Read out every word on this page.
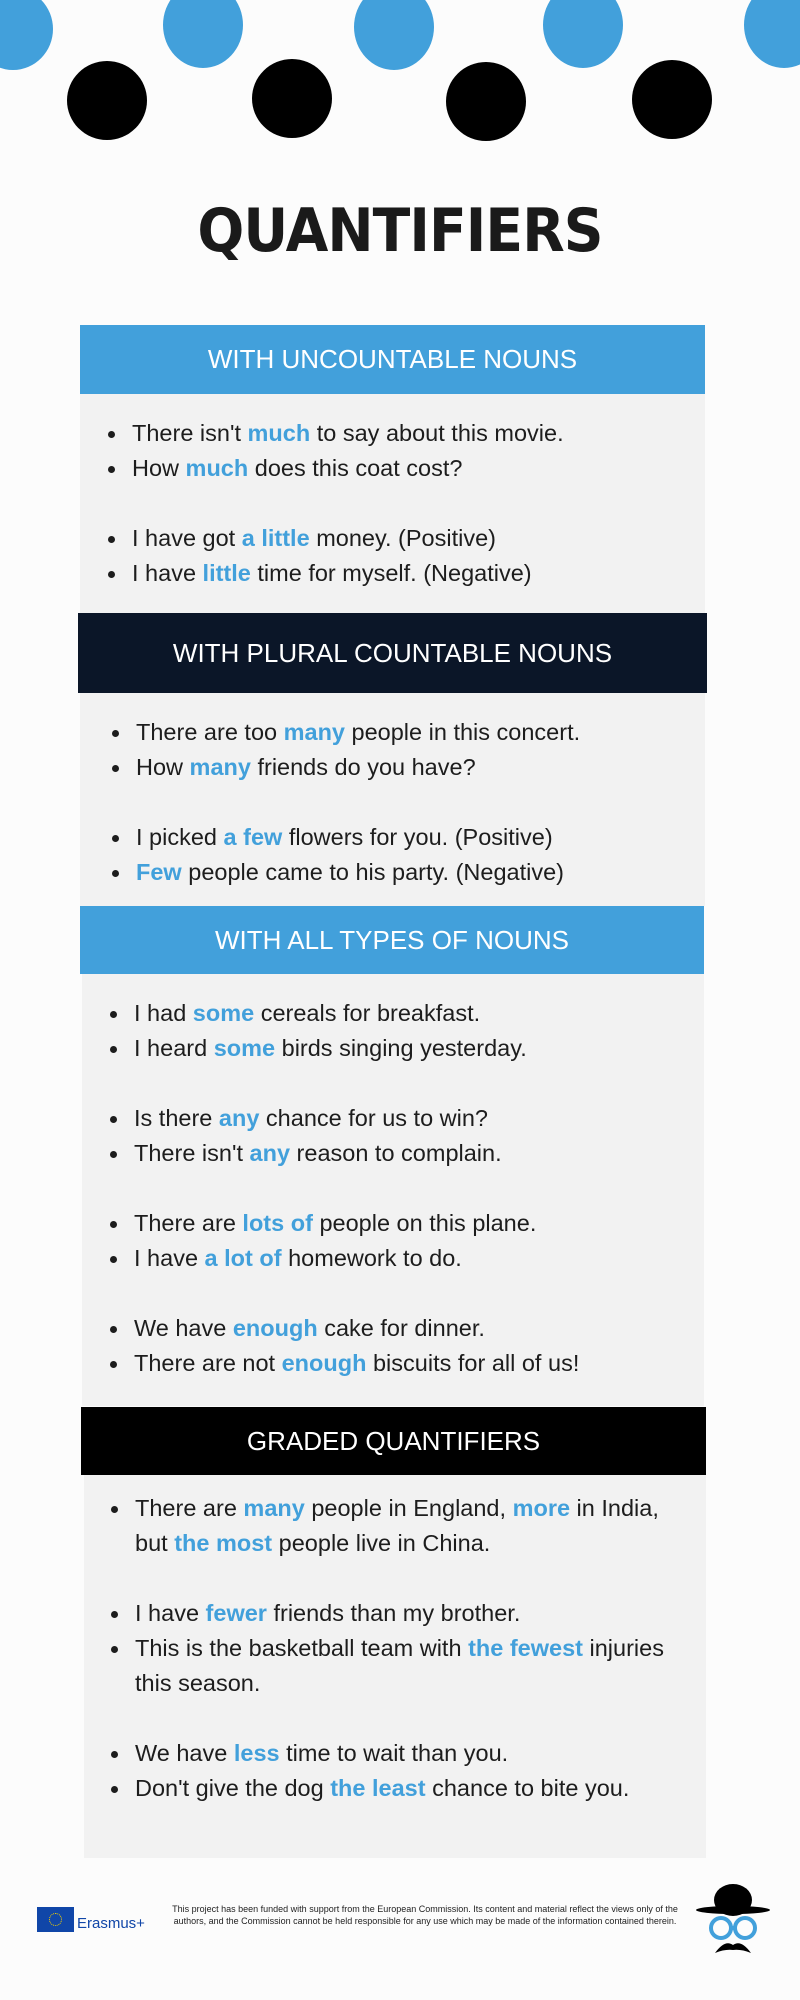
QUANTIFIERS
WITH UNCOUNTABLE NOUNS
There isn't much to say about this movie.
How much does this coat cost?
I have got a little money. (Positive)
I have little time for myself. (Negative)
WITH PLURAL COUNTABLE NOUNS
There are too many people in this concert.
How many friends do you have?
I picked a few flowers for you. (Positive)
Few people came to his party. (Negative)
WITH ALL TYPES OF NOUNS
I had some cereals for breakfast.
I heard some birds singing yesterday.
Is there any chance for us to win?
There isn't any reason to complain.
There are lots of people on this plane.
I have a lot of homework to do.
We have enough cake for dinner.
There are not enough biscuits for all of us!
GRADED QUANTIFIERS
There are many people in England, more in India, but the most people live in China.
I have fewer friends than my brother.
This is the basketball team with the fewest injuries this season.
We have less time to wait than you.
Don't give the dog the least chance to bite you.
Erasmus+
This project has been funded with support from the European Commission. Its content and material reflect the views only of the authors, and the Commission cannot be held responsible for any use which may be made of the information contained therein.
